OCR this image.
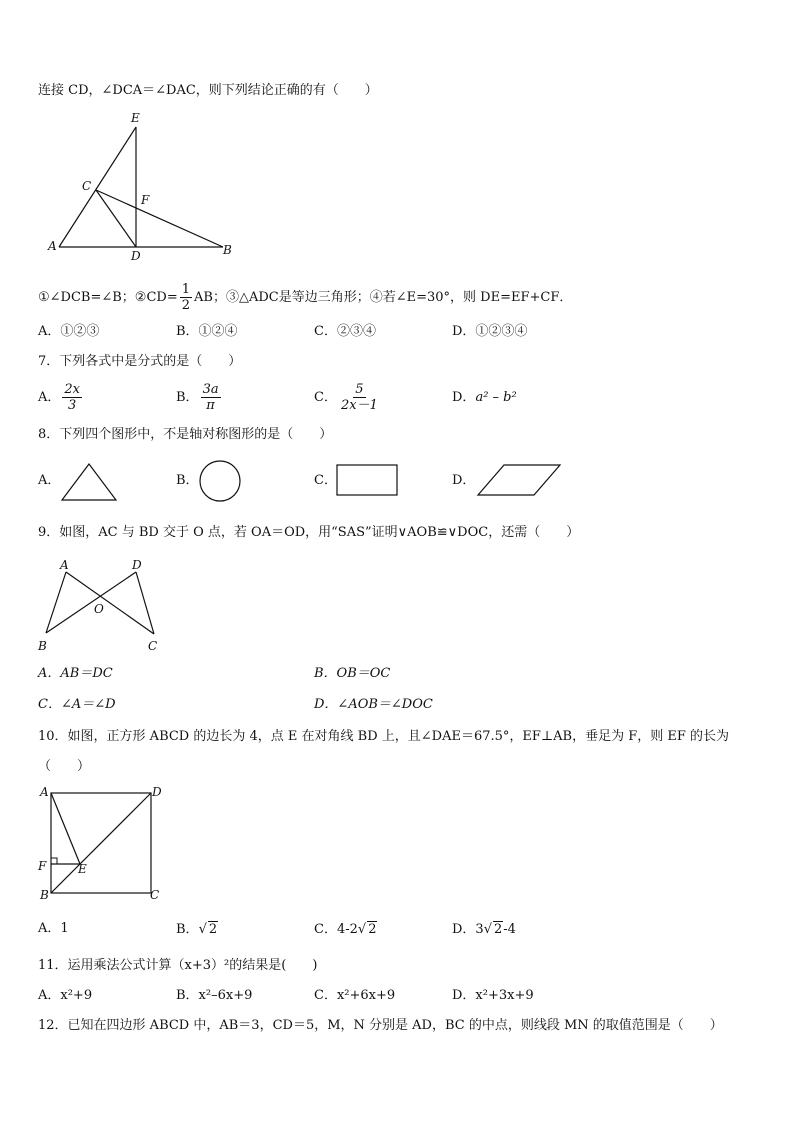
连接 CD，∠DCA＝∠DAC，则下列结论正确的有（　　）
E
C
F
A
D	B
①∠DCB=∠B；②CD= $\frac{1}{2}$ AB；③△ADC是等边三角形；④若∠E=30°，则 DE=EF+CF．
A．①②③	B．①②④	C．②③④	D．①②③④
7．下列各式中是分式的是（　　）
A． $\frac{2x}{3}$	B． $\frac{3a}{\pi}$	C． $\frac{5}{2x-1}$	D．a² – b²
8．下列四个图形中，不是轴对称图形的是（　　）
A．	B．	C．	D．
9．如图，AC 与 BD 交于 O 点，若 OA＝OD，用“SAS”证明∨AOB≌∨DOC，还需（　　）
A	D
O
B	C
A．AB＝DC	B．OB＝OC
C．∠A＝∠D	D．∠AOB＝∠DOC
10．如图，正方形 ABCD 的边长为 4，点 E 在对角线 BD 上，且∠DAE＝67.5°，EF⊥AB，垂足为 F，则 EF 的长为
（　　）
A	D
F	E
B	C
A．1	B．√ 2	C．4-2√ 2	D．3√ 2-4
11．运用乘法公式计算（x+3）²的结果是(　　)
A．x²+9	B．x²–6x+9	C．x²+6x+9	D．x²+3x+9
12．已知在四边形 ABCD 中，AB＝3，CD＝5，M，N 分别是 AD，BC 的中点，则线段 MN 的取值范围是（　　）
